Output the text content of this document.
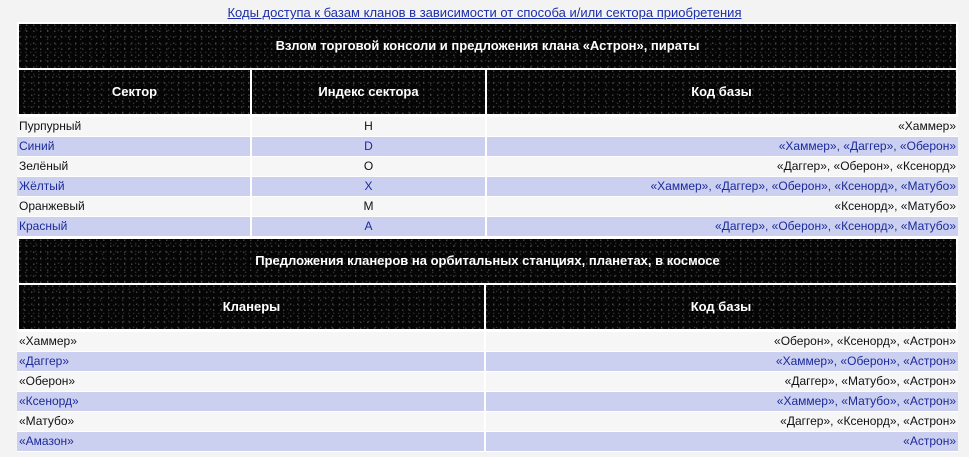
Коды доступа к базам кланов в зависимости от способа и/или сектора приобретения
Взлом торговой консоли и предложения клана «Астрон», пираты
Сектор	Индекс сектора	Код базы
Пурпурный	H	«Хаммер»
Синий	D	«Хаммер», «Даггер», «Оберон»
Зелёный	O	«Даггер», «Оберон», «Ксенорд»
Жёлтый	X	«Хаммер», «Даггер», «Оберон», «Ксенорд», «Матубо»
Оранжевый	M	«Ксенорд», «Матубо»
Красный	A	«Даггер», «Оберон», «Ксенорд», «Матубо»
Предложения кланеров на орбитальных станциях, планетах, в космосе
Кланеры	Код базы
«Хаммер»	«Оберон», «Ксенорд», «Астрон»
«Даггер»	«Хаммер», «Оберон», «Астрон»
«Оберон»	«Даггер», «Матубо», «Астрон»
«Ксенорд»	«Хаммер», «Матубо», «Астрон»
«Матубо»	«Даггер», «Ксенорд», «Астрон»
«Амазон»	«Астрон»
